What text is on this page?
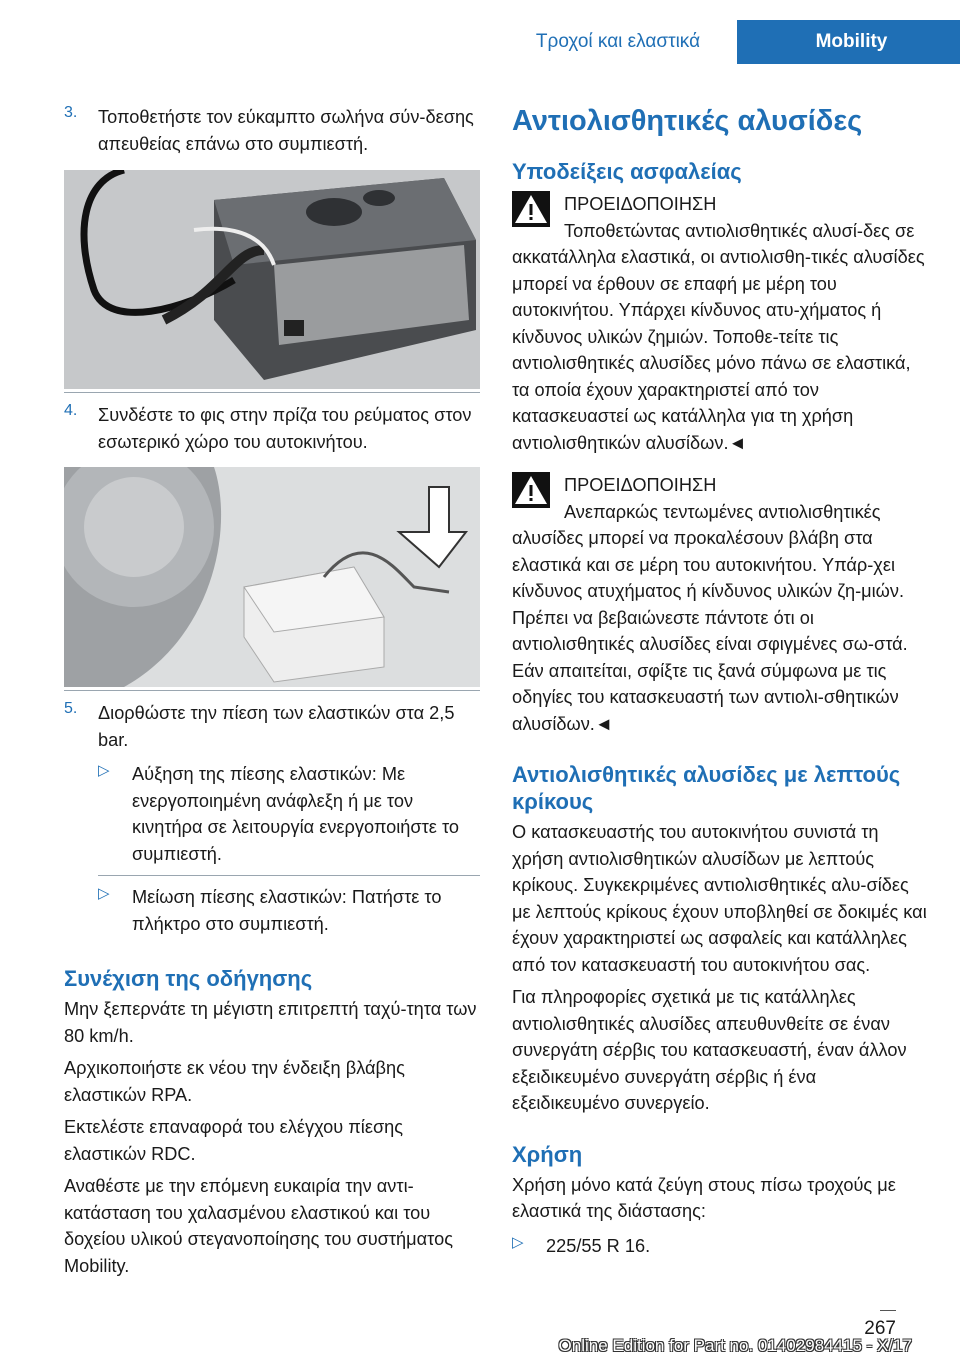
Τροχοί και ελαστικά	Mobility
3. Τοποθετήστε τον εύκαμπτο σωλήνα σύν‐δεσης απευθείας επάνω στο συμπιεστή.

4. Συνδέστε το φις στην πρίζα του ρεύματος στον εσωτερικό χώρο του αυτοκινήτου.

5. Διορθώστε την πίεση των ελαστικών στα 2,5 bar.

▷ Αύξηση της πίεσης ελαστικών: Με ενεργοποιημένη ανάφλεξη ή με τον κινητήρα σε λειτουργία ενεργοποιήστε το συμπιεστή.

▷ Μείωση πίεσης ελαστικών: Πατήστε το πλήκτρο στο συμπιεστή.

Συνέχιση της οδήγησης

Μην ξεπερνάτε τη μέγιστη επιτρεπτή ταχύ‐τητα των 80 km/h.

Αρχικοποιήστε εκ νέου την ένδειξη βλάβης ελαστικών RPA.

Εκτελέστε επαναφορά του ελέγχου πίεσης ελαστικών RDC.

Αναθέστε με την επόμενη ευκαιρία την αντι‐κατάσταση του χαλασμένου ελαστικού και του δοχείου υλικού στεγανοποίησης του συστήματος Mobility.

Αντιολισθητικές αλυσίδες
Υποδείξεις ασφαλείας

ΠΡΟΕΙΔΟΠΟΙΗΣΗ

Τοποθετώντας αντιολισθητικές αλυσί‐δες σε ακκατάλληλα ελαστικά, οι αντιολισθη‐τικές αλυσίδες μπορεί να έρθουν σε επαφή με μέρη του αυτοκινήτου. Υπάρχει κίνδυνος ατυ‐χήματος ή κίνδυνος υλικών ζημιών. Τοποθε‐τείτε τις αντιολισθητικές αλυσίδες μόνο πάνω σε ελαστικά, τα οποία έχουν χαρακτηριστεί από τον κατασκευαστεί ως κατάλληλα για τη χρήση αντιολισθητικών αλυσίδων.◄

ΠΡΟΕΙΔΟΠΟΙΗΣΗ

Ανεπαρκώς τεντωμένες αντιολισθητικές αλυσίδες μπορεί να προκαλέσουν βλάβη στα ελαστικά και σε μέρη του αυτοκινήτου. Υπάρ‐χει κίνδυνος ατυχήματος ή κίνδυνος υλικών ζη‐μιών. Πρέπει να βεβαιώνεστε πάντοτε ότι οι αντιολισθητικές αλυσίδες είναι σφιγμένες σω‐στά. Εάν απαιτείται, σφίξτε τις ξανά σύμφωνα με τις οδηγίες του κατασκευαστή των αντιολι‐σθητικών αλυσίδων.◄

Αντιολισθητικές αλυσίδες με λεπτούς κρίκους

Ο κατασκευαστής του αυτοκινήτου συνιστά τη χρήση αντιολισθητικών αλυσίδων με λεπτούς κρίκους. Συγκεκριμένες αντιολισθητικές αλυ‐σίδες με λεπτούς κρίκους έχουν υποβληθεί σε δοκιμές και έχουν χαρακτηριστεί ως ασφαλείς και κατάλληλες από τον κατασκευαστή του αυτοκινήτου σας.

Για πληροφορίες σχετικά με τις κατάλληλες αντιολισθητικές αλυσίδες απευθυνθείτε σε έναν συνεργάτη σέρβις του κατασκευαστή, έναν άλλον εξειδικευμένο συνεργάτη σέρβις ή ένα εξειδικευμένο συνεργείο.

Χρήση

Χρήση μόνο κατά ζεύγη στους πίσω τροχούς με ελαστικά της διάστασης:

▷ 225/55 R 16.

267
Online Edition for Part no. 01402984415 - X/17
